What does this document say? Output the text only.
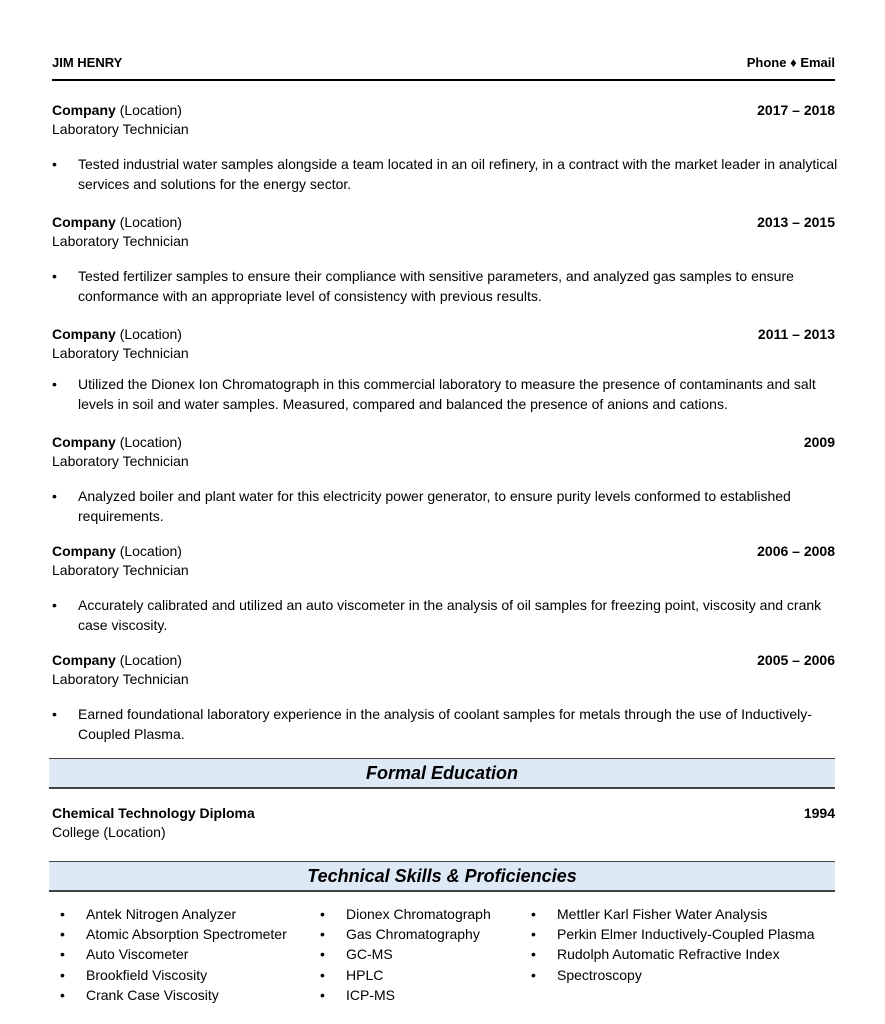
JIM HENRY	Phone ♦ Email
Company (Location)	2017 – 2018
Laboratory Technician
• Tested industrial water samples alongside a team located in an oil refinery, in a contract with the market leader in analytical services and solutions for the energy sector.
Company (Location)	2013 – 2015
Laboratory Technician
• Tested fertilizer samples to ensure their compliance with sensitive parameters, and analyzed gas samples to ensure conformance with an appropriate level of consistency with previous results.
Company (Location)	2011 – 2013
Laboratory Technician
• Utilized the Dionex Ion Chromatograph in this commercial laboratory to measure the presence of contaminants and salt levels in soil and water samples. Measured, compared and balanced the presence of anions and cations.
Company (Location)	2009
Laboratory Technician
• Analyzed boiler and plant water for this electricity power generator, to ensure purity levels conformed to established requirements.
Company (Location)	2006 – 2008
Laboratory Technician
• Accurately calibrated and utilized an auto viscometer in the analysis of oil samples for freezing point, viscosity and crank case viscosity.
Company (Location)	2005 – 2006
Laboratory Technician
• Earned foundational laboratory experience in the analysis of coolant samples for metals through the use of Inductively-Coupled Plasma.
Formal Education
Chemical Technology Diploma	1994
College (Location)
Technical Skills & Proficiencies
• Antek Nitrogen Analyzer
• Atomic Absorption Spectrometer
• Auto Viscometer
• Brookfield Viscosity
• Crank Case Viscosity
• Dionex Chromatograph
• Gas Chromatography
• GC-MS
• HPLC
• ICP-MS
• Mettler Karl Fisher Water Analysis
• Perkin Elmer Inductively-Coupled Plasma
• Rudolph Automatic Refractive Index
• Spectroscopy
